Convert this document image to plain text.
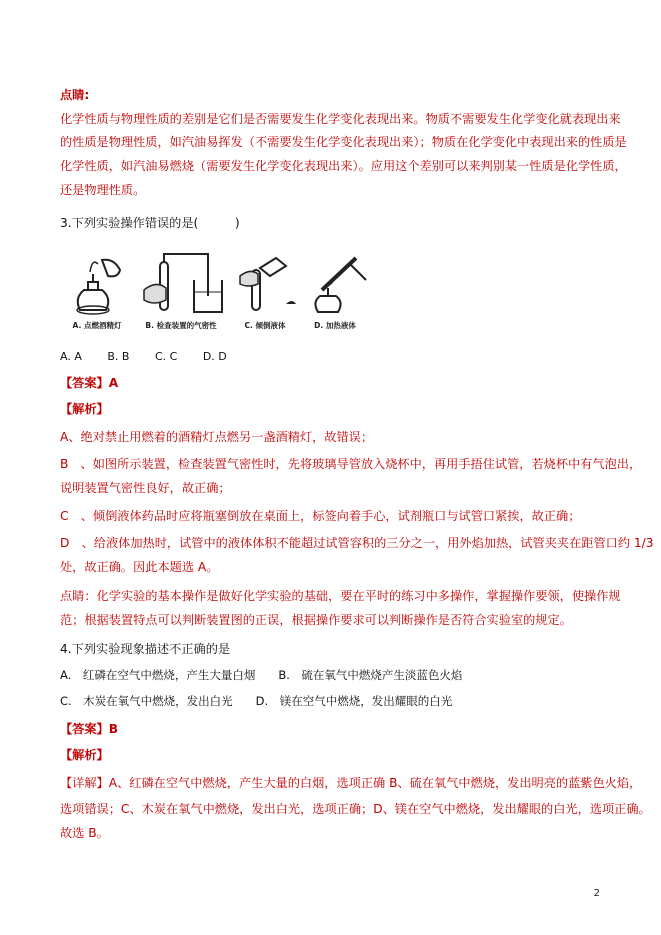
点睛:
化学性质与物理性质的差别是它们是否需要发生化学变化表现出来。物质不需要发生化学变化就表现出来
的性质是物理性质，如汽油易挥发（不需要发生化学变化表现出来）；物质在化学变化中表现出来的性质是
化学性质，如汽油易燃烧（需要发生化学变化表现出来）。应用这个差别可以来判别某一性质是化学性质，
还是物理性质。
3.下列实验操作错误的是(　　　)
A. 点燃酒精灯	B. 检查装置的气密性	C. 倾倒液体	D. 加热液体
A. A B. B C. C D. D
【答案】A
【解析】
A、绝对禁止用燃着的酒精灯点燃另一盏酒精灯，故错误；
B　、如图所示装置，检查装置气密性时，先将玻璃导管放入烧杯中，再用手捂住试管，若烧杯中有气泡出，
说明装置气密性良好，故正确；
C　、倾倒液体药品时应将瓶塞倒放在桌面上，标签向着手心，试剂瓶口与试管口紧挨，故正确；
D　、给液体加热时，试管中的液体体积不能超过试管容积的三分之一，用外焰加热，试管夹夹在距管口约 1/3
处，故正确。因此本题选 A。
点睛：化学实验的基本操作是做好化学实验的基础，要在平时的练习中多操作，掌握操作要领，使操作规
范；根据装置特点可以判断装置图的正误，根据操作要求可以判断操作是否符合实验室的规定。
4.下列实验现象描述不正确的是
A.　红磷在空气中燃烧，产生大量白烟　　B.　硫在氧气中燃烧产生淡蓝色火焰
C.　木炭在氧气中燃烧，发出白光　　D.　镁在空气中燃烧，发出耀眼的白光
【答案】B
【解析】
【详解】A、红磷在空气中燃烧，产生大量的白烟，选项正确 B、硫在氧气中燃烧，发出明亮的蓝紫色火焰，
选项错误；C、木炭在氧气中燃烧，发出白光，选项正确；D、镁在空气中燃烧，发出耀眼的白光，选项正确。
故选 B。
2
